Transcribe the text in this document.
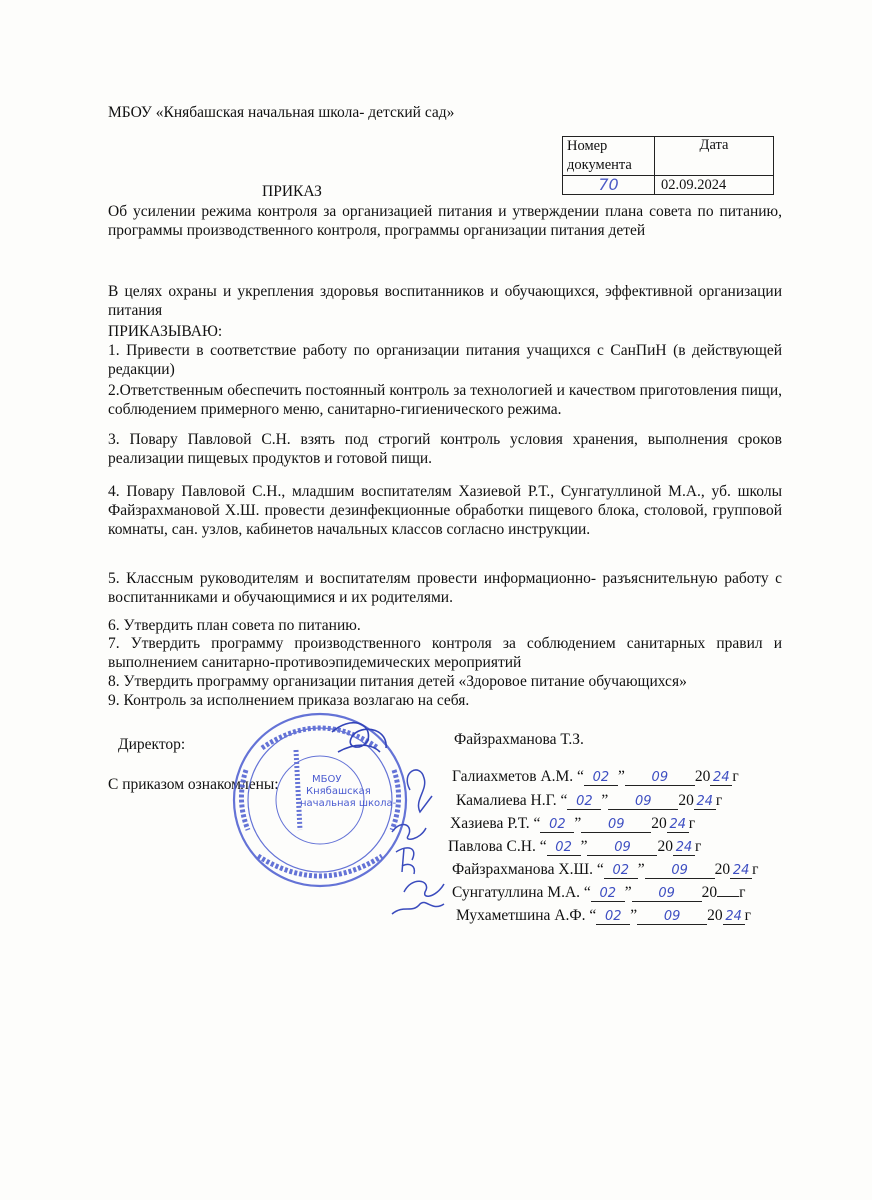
МБОУ «Княбашская начальная школа- детский сад»
Номер документа	Дата
70	02.09.2024
ПРИКАЗ
Об усилении режима контроля за организацией питания и утверждении плана совета по питанию, программы производственного контроля, программы организации питания детей
В целях охраны и укрепления здоровья воспитанников и обучающихся, эффективной организации питания
ПРИКАЗЫВАЮ:
1. Привести в соответствие работу по организации питания учащихся с СанПиН (в действующей редакции)
2.Ответственным обеспечить постоянный контроль за технологией и качеством приготовления пищи, соблюдением примерного меню, санитарно-гигиенического режима.
3. Повару Павловой С.Н. взять под строгий контроль условия хранения, выполнения сроков реализации пищевых продуктов и готовой пищи.
4. Повару Павловой С.Н., младшим воспитателям Хазиевой Р.Т., Сунгатуллиной М.А., уб. школы Файзрахмановой Х.Ш. провести дезинфекционные обработки пищевого блока, столовой, групповой комнаты, сан. узлов, кабинетов начальных классов согласно инструкции.
5. Классным руководителям и воспитателям провести информационно- разъяснительную работу с воспитанниками и обучающимися и их родителями.
6. Утвердить план совета по питанию.
7. Утвердить программу производственного контроля за соблюдением санитарных правил и выполнением санитарно-противоэпидемических мероприятий
8. Утвердить программу организации питания детей «Здоровое питание обучающихся»
9. Контроль за исполнением приказа возлагаю на себя.
Директор:	Файзрахманова Т.З.
С приказом ознакомлены:	МБОУ
Княбашская
начальная школа-
Галиахметов А.М. “ 02 ” 09 20 24 г
Камалиева Н.Г. “ 02 ” 09 20 24 г
Хазиева Р.Т. “ 02 ” 09 20 24 г
Павлова С.Н. “ 02 ” 09 20 24 г
Файзрахманова Х.Ш. “ 02 ” 09 20 24 г
Сунгатуллина М.А. “ 02 ” 09 20 г
Мухаметшина А.Ф. “ 02 ” 09 20 24 г
